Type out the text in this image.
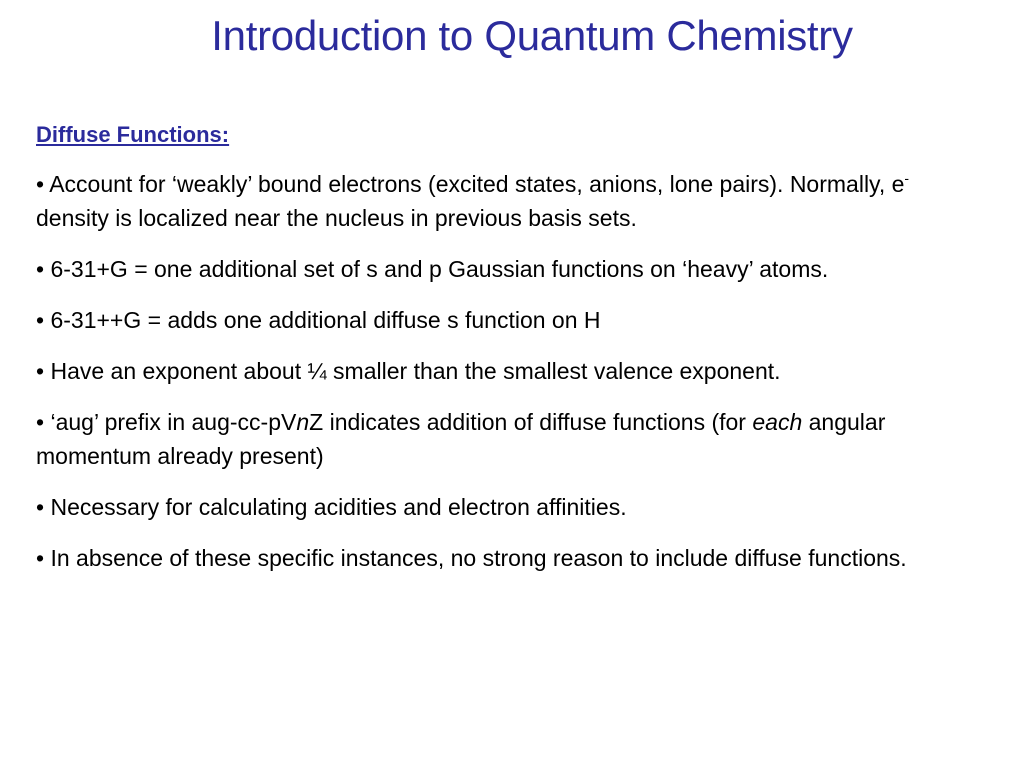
Introduction to Quantum Chemistry
Diffuse Functions:
• Account for ‘weakly’ bound electrons (excited states, anions, lone pairs). Normally, e- density is localized near the nucleus in previous basis sets.
• 6-31+G = one additional set of s and p Gaussian functions on ‘heavy’ atoms.
• 6-31++G = adds one additional diffuse s function on H
• Have an exponent about ¼ smaller than the smallest valence exponent.
• ‘aug’ prefix in aug-cc-pVnZ indicates addition of diffuse functions (for each angular momentum already present)
• Necessary for calculating acidities and electron affinities.
• In absence of these specific instances, no strong reason to include diffuse functions.
